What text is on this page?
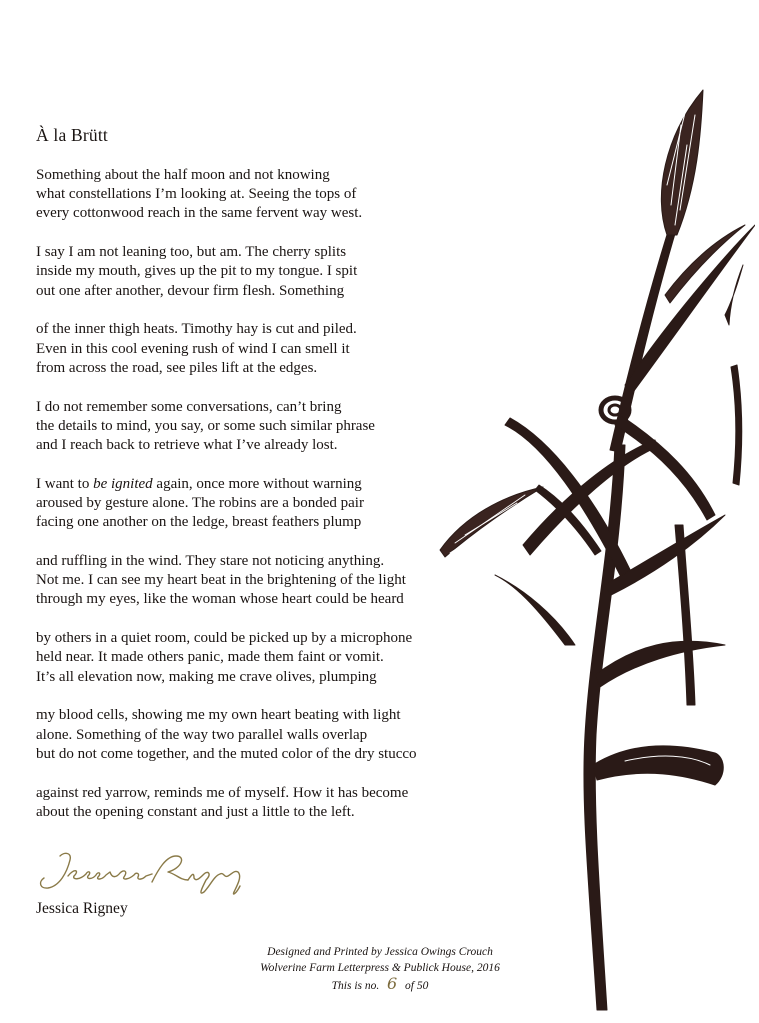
À la Brütt
Something about the half moon and not knowing
what constellations I’m looking at. Seeing the tops of
every cottonwood reach in the same fervent way west.
I say I am not leaning too, but am. The cherry splits
inside my mouth, gives up the pit to my tongue. I spit
out one after another, devour firm flesh. Something
of the inner thigh heats. Timothy hay is cut and piled.
Even in this cool evening rush of wind I can smell it
from across the road, see piles lift at the edges.
I do not remember some conversations, can’t bring
the details to mind, you say, or some such similar phrase
and I reach back to retrieve what I’ve already lost.
I want to be ignited again, once more without warning
aroused by gesture alone. The robins are a bonded pair
facing one another on the ledge, breast feathers plump
and ruffling in the wind. They stare not noticing anything.
Not me. I can see my heart beat in the brightening of the light
through my eyes, like the woman whose heart could be heard
by others in a quiet room, could be picked up by a microphone
held near. It made others panic, made them faint or vomit.
It’s all elevation now, making me crave olives, plumping
my blood cells, showing me my own heart beating with light
alone. Something of the way two parallel walls overlap
but do not come together, and the muted color of the dry stucco
against red yarrow, reminds me of myself. How it has become
about the opening constant and just a little to the left.
Jessica Rigney
Designed and Printed by Jessica Owings Crouch
Wolverine Farm Letterpress & Publick House, 2016
This is no. 6 of 50
